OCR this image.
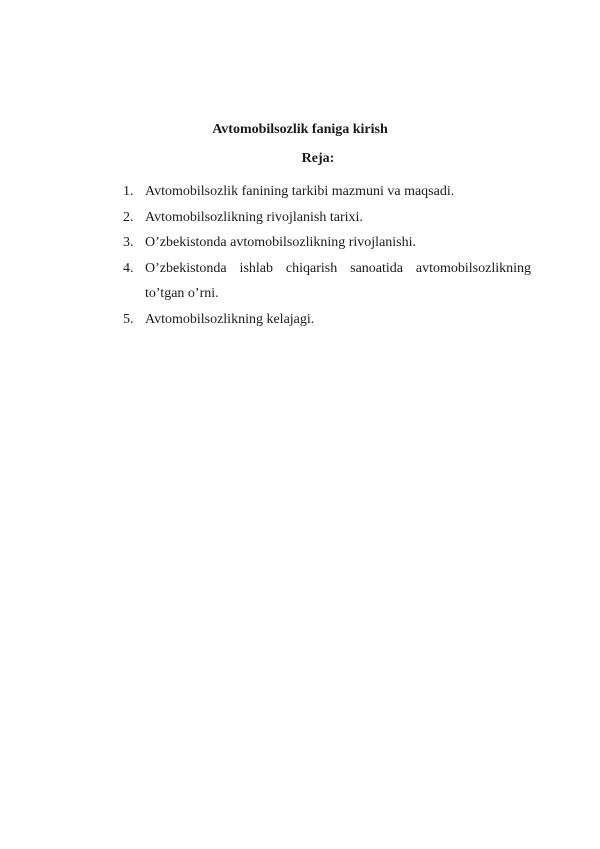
Avtomobilsozlik faniga kirish
Reja:
1. Avtomobilsozlik fanining tarkibi mazmuni va maqsadi.
2. Avtomobilsozlikning rivojlanish tarixi.
3. O’zbekistonda avtomobilsozlikning rivojlanishi.
4. O’zbekistonda ishlab chiqarish sanoatida avtomobilsozlikning
to’tgan o’rni.
5. Avtomobilsozlikning kelajagi.
